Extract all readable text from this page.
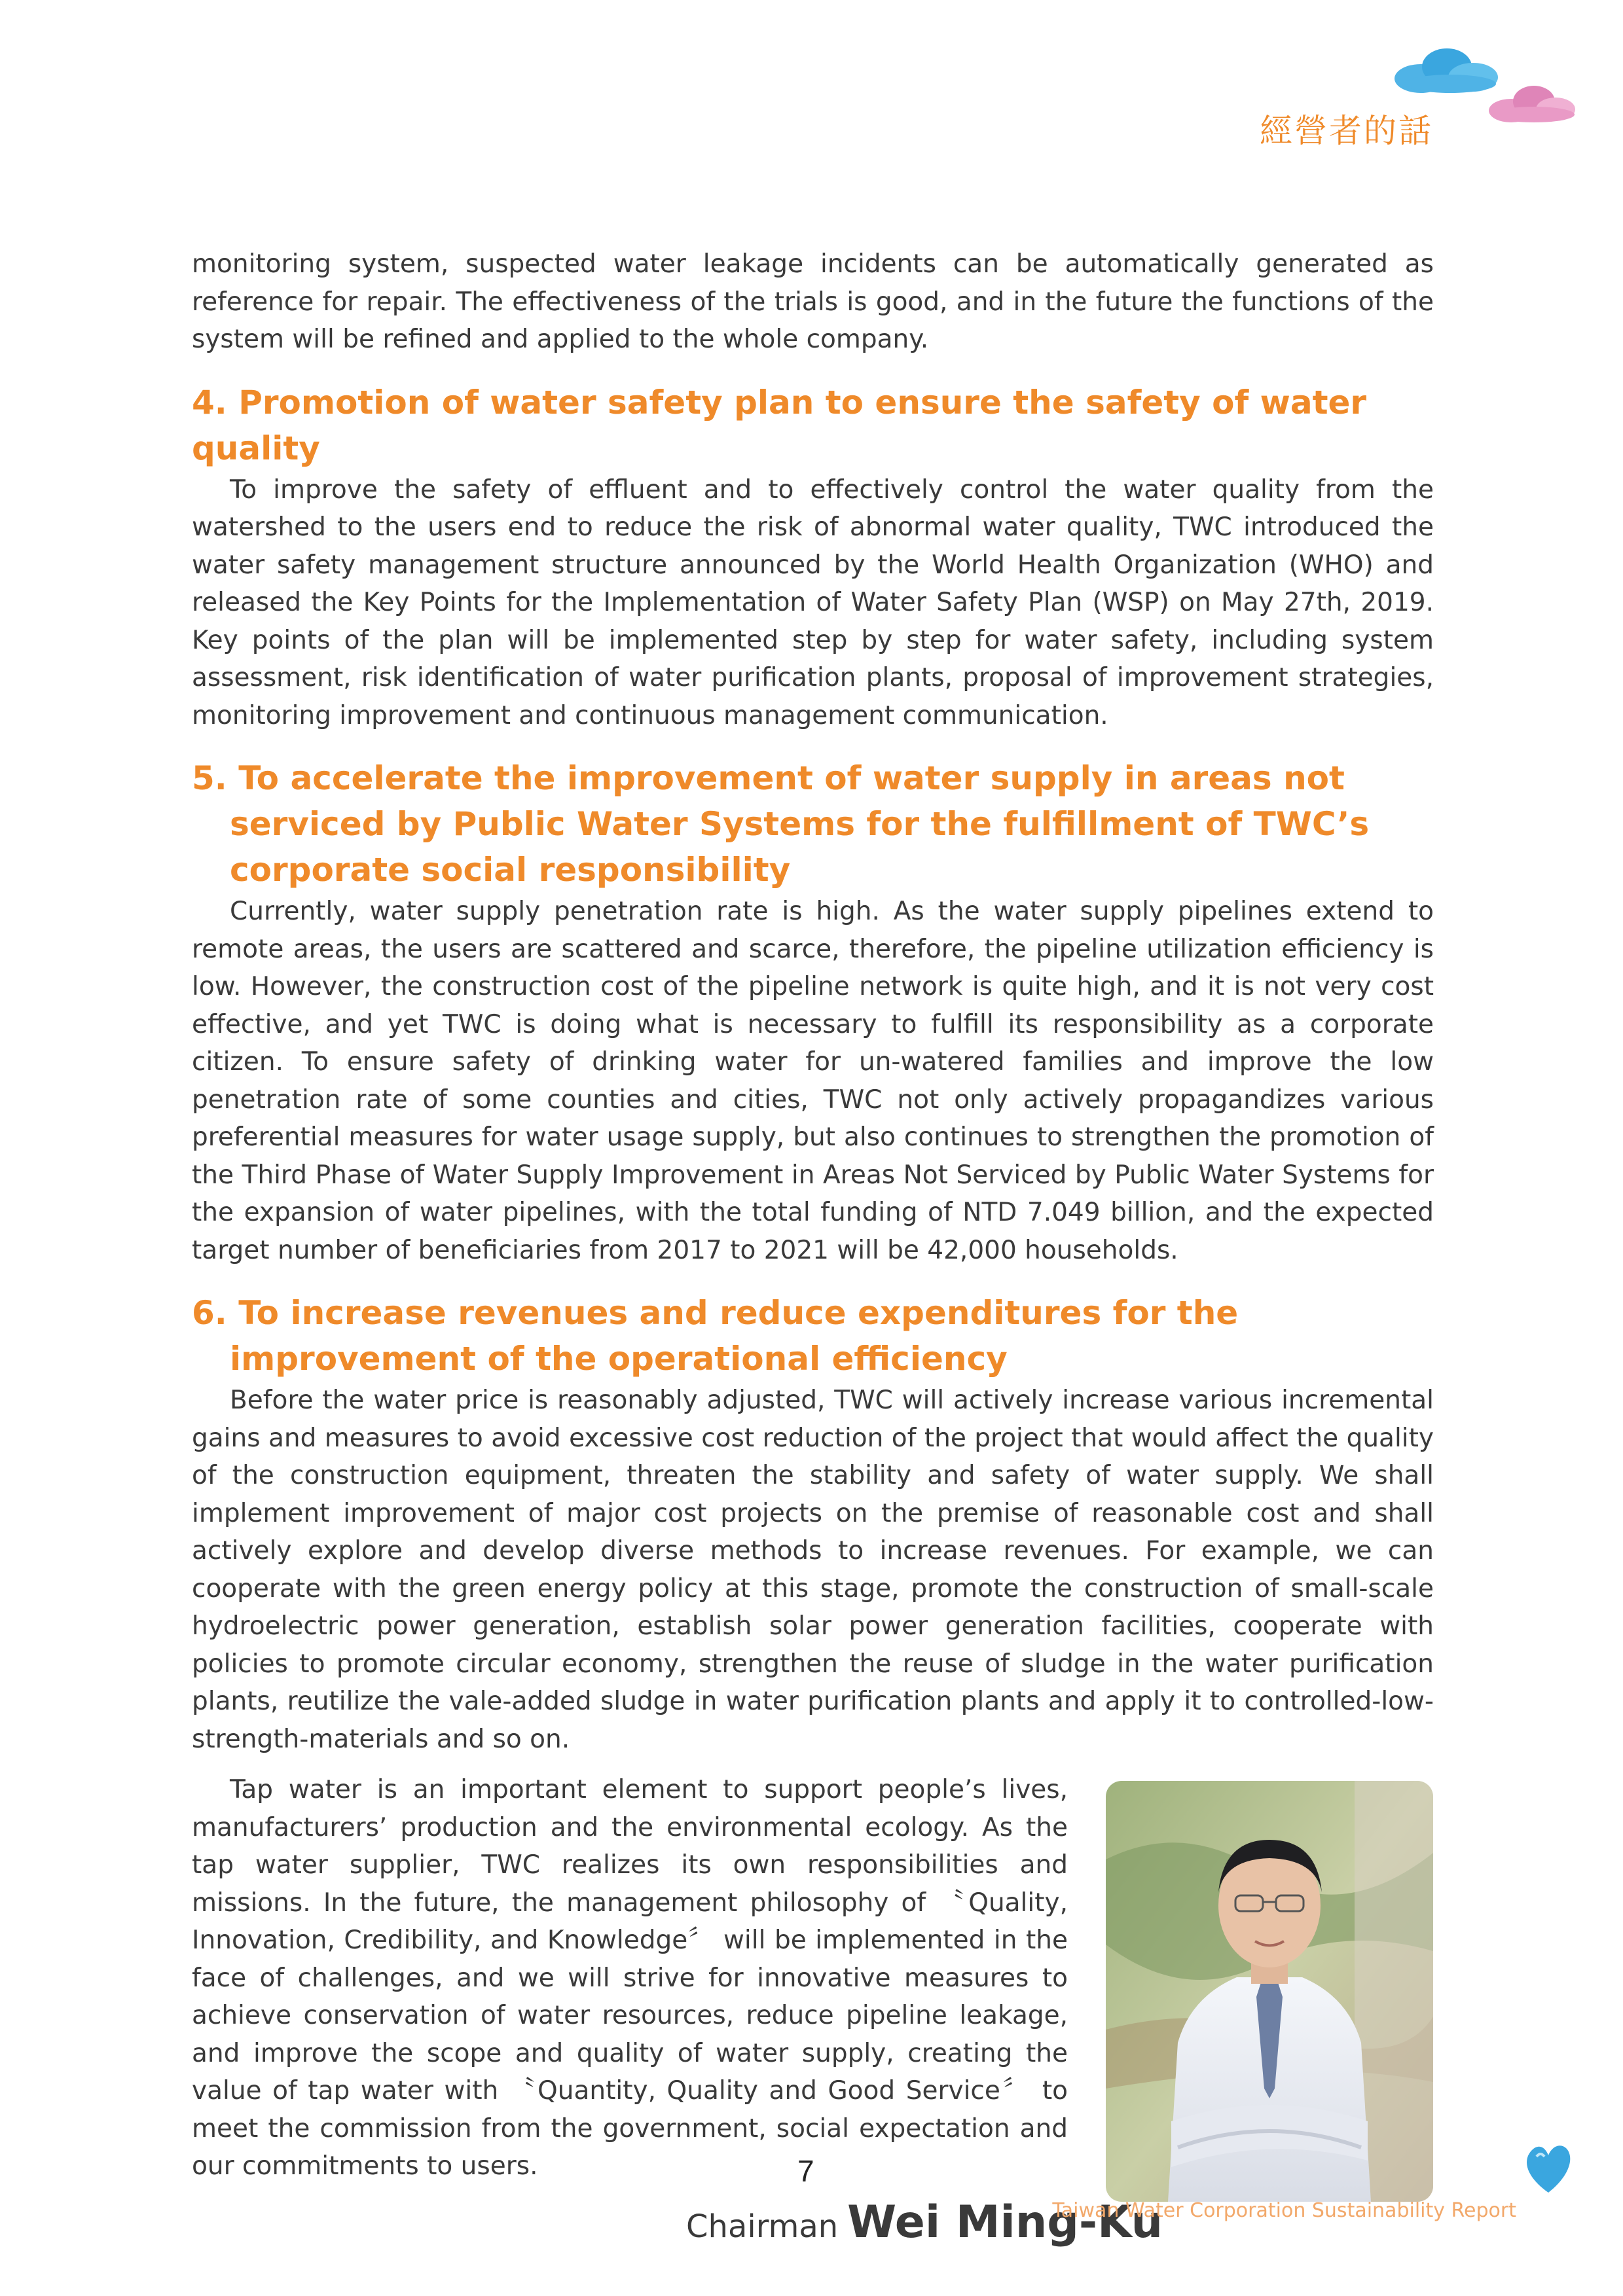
經營者的話

monitoring system, suspected water leakage incidents can be automatically generated as reference for repair. The effectiveness of the trials is good, and in the future the functions of the system will be refined and applied to the whole company.

4. Promotion of water safety plan to ensure the safety of water quality

To improve the safety of effluent and to effectively control the water quality from the watershed to the users end to reduce the risk of abnormal water quality, TWC introduced the water safety management structure announced by the World Health Organization (WHO) and released the Key Points for the Implementation of Water Safety Plan (WSP) on May 27th, 2019. Key points of the plan will be implemented step by step for water safety, including system assessment, risk identification of water purification plants, proposal of improvement strategies, monitoring improvement and continuous management communication.

5. To accelerate the improvement of water supply in areas not serviced by Public Water Systems for the fulfillment of TWC’s corporate social responsibility

Currently, water supply penetration rate is high. As the water supply pipelines extend to remote areas, the users are scattered and scarce, therefore, the pipeline utilization efficiency is low. However, the construction cost of the pipeline network is quite high, and it is not very cost effective, and yet TWC is doing what is necessary to fulfill its responsibility as a corporate citizen. To ensure safety of drinking water for un-watered families and improve the low penetration rate of some counties and cities, TWC not only actively propagandizes various preferential measures for water usage supply, but also continues to strengthen the promotion of the Third Phase of Water Supply Improvement in Areas Not Serviced by Public Water Systems for the expansion of water pipelines, with the total funding of NTD 7.049 billion, and the expected target number of beneficiaries from 2017 to 2021 will be 42,000 households.

6. To increase revenues and reduce expenditures for the improvement of the operational efficiency

Before the water price is reasonably adjusted, TWC will actively increase various incremental gains and measures to avoid excessive cost reduction of the project that would affect the quality of the construction equipment, threaten the stability and safety of water supply. We shall implement improvement of major cost projects on the premise of reasonable cost and shall actively explore and develop diverse methods to increase revenues. For example, we can cooperate with the green energy policy at this stage, promote the construction of small-scale hydroelectric power generation, establish solar power generation facilities, cooperate with policies to promote circular economy, strengthen the reuse of sludge in the water purification plants, reutilize the vale-added sludge in water purification plants and apply it to controlled-low-strength-materials and so on.

Tap water is an important element to support people’s lives, manufacturers’ production and the environmental ecology. As the tap water supplier, TWC realizes its own responsibilities and missions. In the future, the management philosophy of 〝Quality, Innovation, Credibility, and Knowledge〞 will be implemented in the face of challenges, and we will strive for innovative measures to achieve conservation of water resources, reduce pipeline leakage, and improve the scope and quality of water supply, creating the value of tap water with 〝Quantity, Quality and Good Service〞 to meet the commission from the government, social expectation and our commitments to users.

Chairman Wei Ming-Ku
7
Taiwan Water Corporation Sustainability Report
